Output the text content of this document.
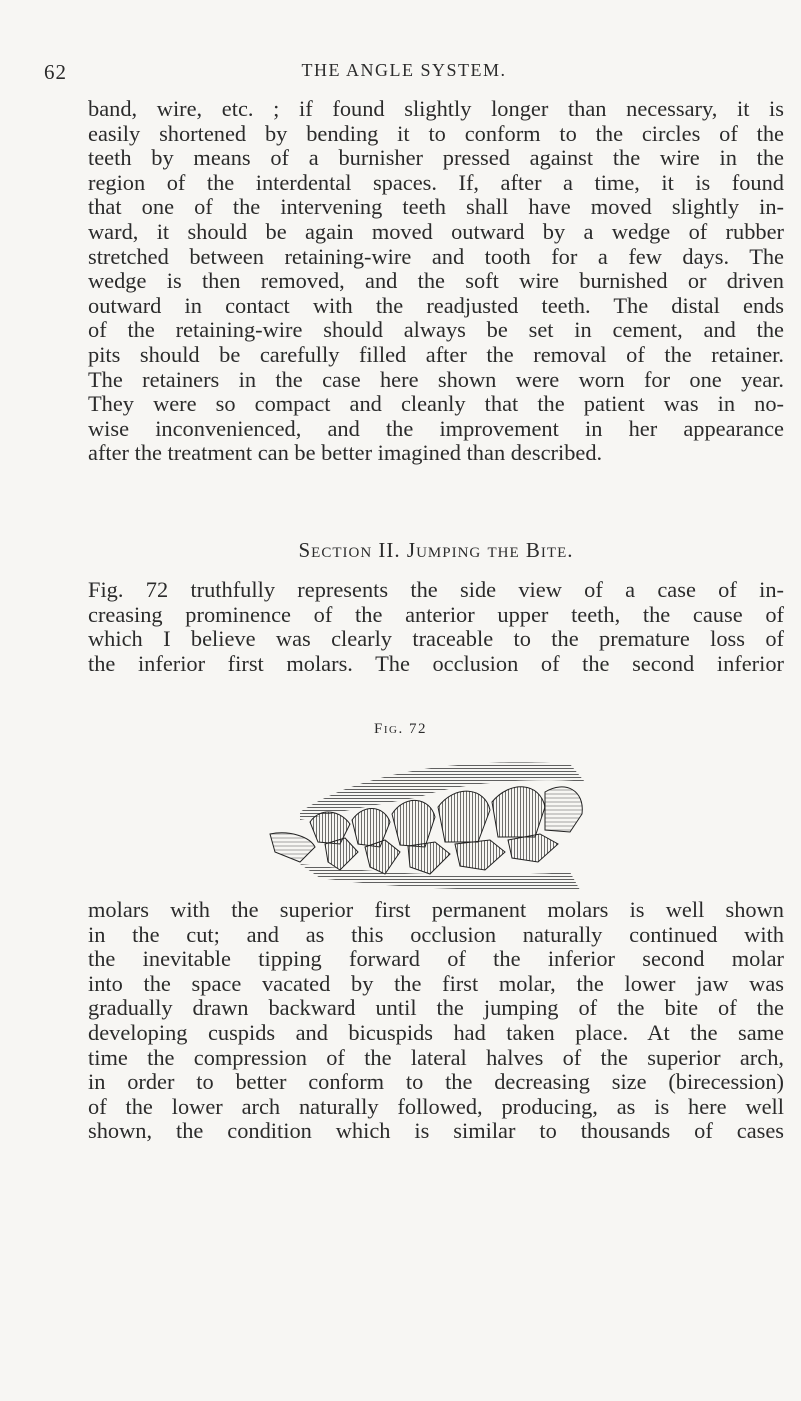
62	THE ANGLE SYSTEM.
band, wire, etc. ; if found slightly longer than necessary, it is
easily shortened by bending it to conform to the circles of the
teeth by means of a burnisher pressed against the wire in the
region of the interdental spaces. If, after a time, it is found
that one of the intervening teeth shall have moved slightly in-
ward, it should be again moved outward by a wedge of rubber
stretched between retaining-wire and tooth for a few days. The
wedge is then removed, and the soft wire burnished or driven
outward in contact with the readjusted teeth. The distal ends
of the retaining-wire should always be set in cement, and the
pits should be carefully filled after the removal of the retainer.
The retainers in the case here shown were worn for one year.
They were so compact and cleanly that the patient was in no-
wise inconvenienced, and the improvement in her appearance
after the treatment can be better imagined than described.
Section II. Jumping the Bite.
Fig. 72 truthfully represents the side view of a case of in-
creasing prominence of the anterior upper teeth, the cause of
which I believe was clearly traceable to the premature loss of
the inferior first molars. The occlusion of the second inferior
Fig. 72
molars with the superior first permanent molars is well shown
in the cut; and as this occlusion naturally continued with
the inevitable tipping forward of the inferior second molar
into the space vacated by the first molar, the lower jaw was
gradually drawn backward until the jumping of the bite of the
developing cuspids and bicuspids had taken place. At the same
time the compression of the lateral halves of the superior arch,
in order to better conform to the decreasing size (birecession)
of the lower arch naturally followed, producing, as is here well
shown, the condition which is similar to thousands of cases
